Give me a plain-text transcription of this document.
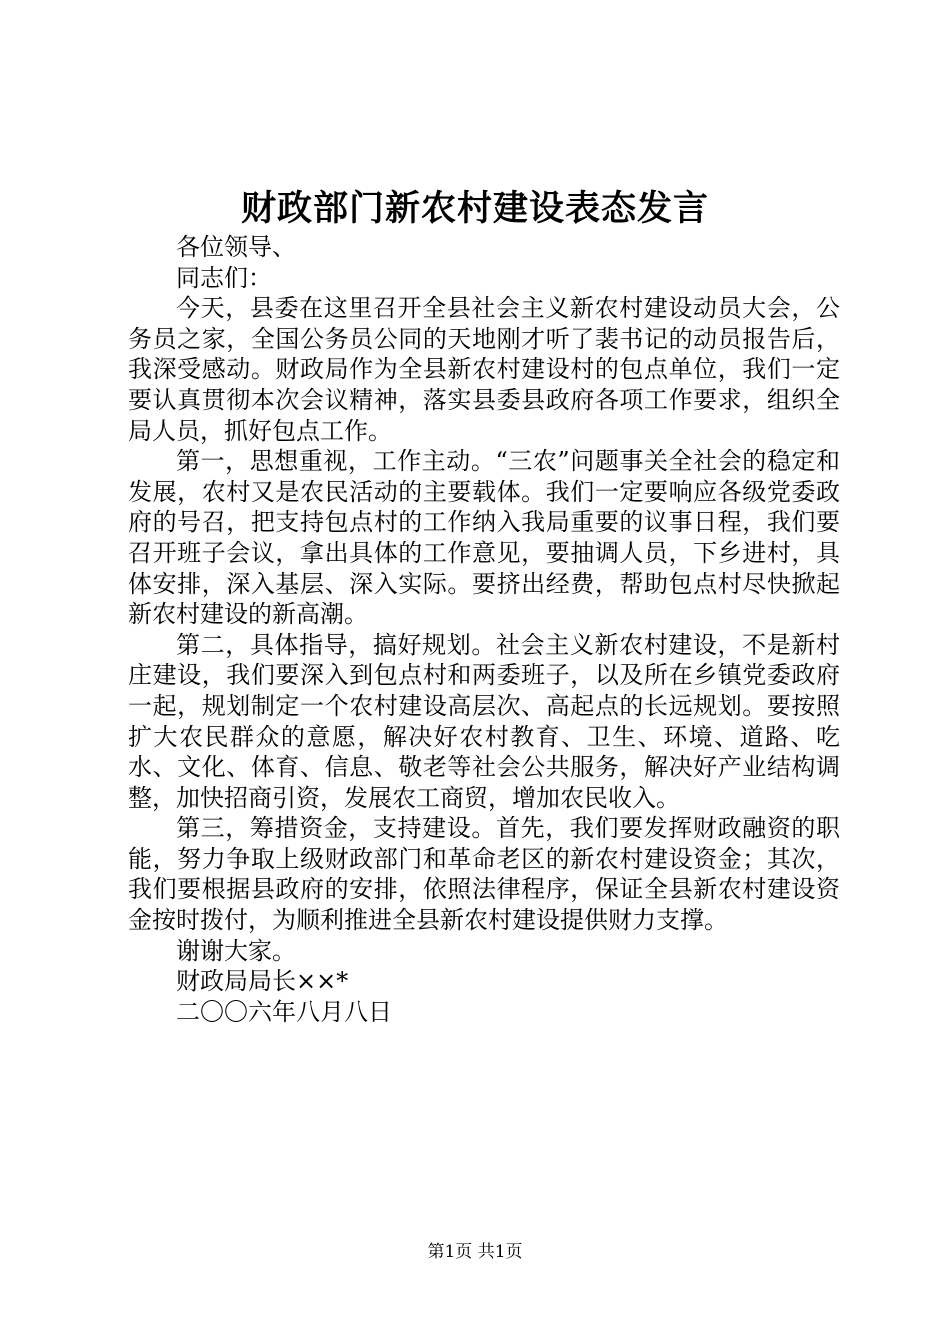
财政部门新农村建设表态发言

各位领导、

同志们：

今天，县委在这里召开全县社会主义新农村建设动员大会，公务员之家，全国公务员公同的天地刚才听了裴书记的动员报告后，我深受感动。财政局作为全县新农村建设村的包点单位，我们一定要认真贯彻本次会议精神，落实县委县政府各项工作要求，组织全局人员，抓好包点工作。

第一，思想重视，工作主动。“三农”问题事关全社会的稳定和发展，农村又是农民活动的主要载体。我们一定要响应各级党委政府的号召，把支持包点村的工作纳入我局重要的议事日程，我们要召开班子会议，拿出具体的工作意见，要抽调人员，下乡进村，具体安排，深入基层、深入实际。要挤出经费，帮助包点村尽快掀起新农村建设的新高潮。

第二，具体指导，搞好规划。社会主义新农村建设，不是新村庄建设，我们要深入到包点村和两委班子，以及所在乡镇党委政府一起，规划制定一个农村建设高层次、高起点的长远规划。要按照扩大农民群众的意愿，解决好农村教育、卫生、环境、道路、吃水、文化、体育、信息、敬老等社会公共服务，解决好产业结构调整，加快招商引资，发展农工商贸，增加农民收入。

第三，筹措资金，支持建设。首先，我们要发挥财政融资的职能，努力争取上级财政部门和革命老区的新农村建设资金；其次，我们要根据县政府的安排，依照法律程序，保证全县新农村建设资金按时拨付，为顺利推进全县新农村建设提供财力支撑。

谢谢大家。

财政局局长××*

二〇〇六年八月八日

第1页 共1页
